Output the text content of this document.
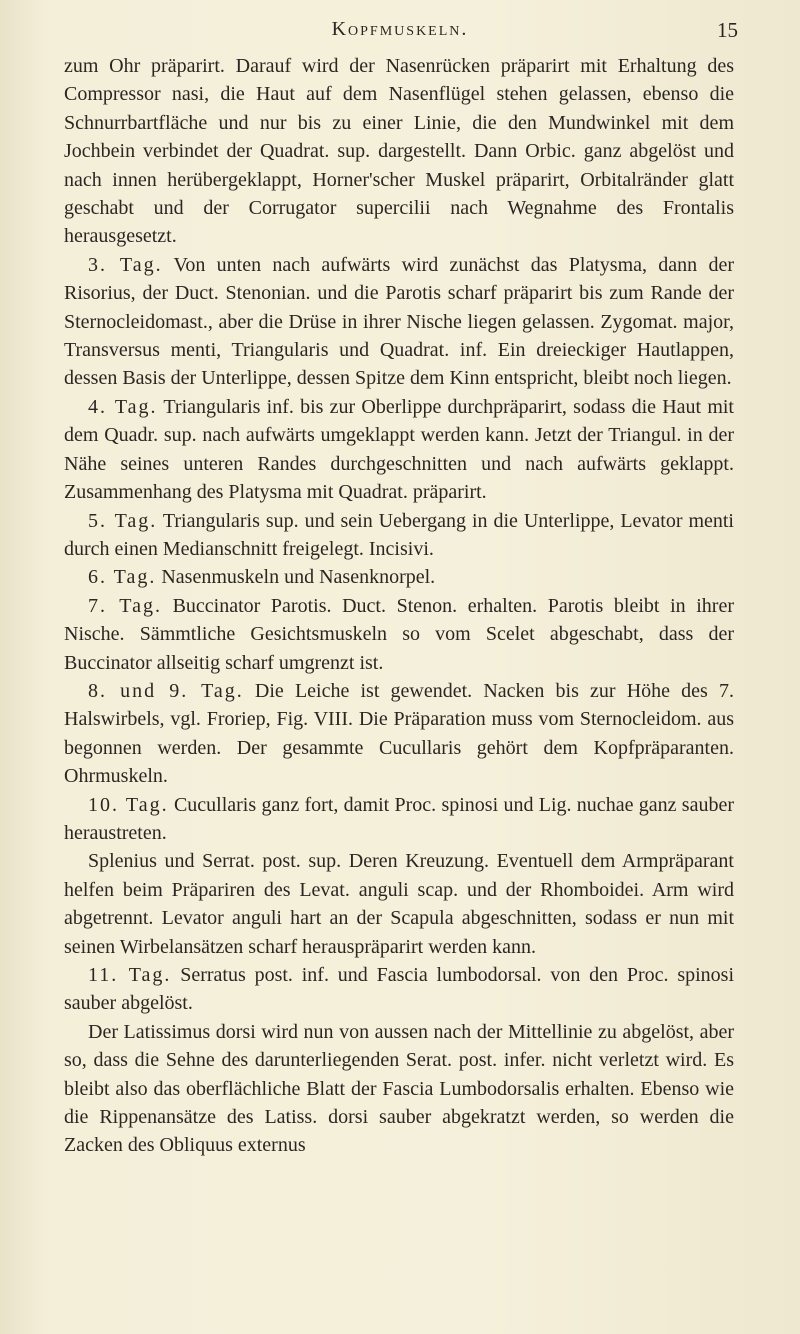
Kopfmuskeln.	15

zum Ohr präparirt. Darauf wird der Nasenrücken präparirt mit Erhaltung des Compressor nasi, die Haut auf dem Nasenflügel stehen gelassen, ebenso die Schnurrbartfläche und nur bis zu einer Linie, die den Mundwinkel mit dem Jochbein verbindet der Quadrat. sup. dargestellt. Dann Orbic. ganz abgelöst und nach innen herübergeklappt, Horner'scher Muskel präparirt, Orbitalränder glatt geschabt und der Corrugator supercilii nach Wegnahme des Frontalis herausgesetzt.

3. Tag. Von unten nach aufwärts wird zunächst das Platysma, dann der Risorius, der Duct. Stenonian. und die Parotis scharf präparirt bis zum Rande der Sternocleidomast., aber die Drüse in ihrer Nische liegen gelassen. Zygomat. major, Transversus menti, Triangularis und Quadrat. inf. Ein dreieckiger Hautlappen, dessen Basis der Unterlippe, dessen Spitze dem Kinn entspricht, bleibt noch liegen.

4. Tag. Triangularis inf. bis zur Oberlippe durchpräparirt, sodass die Haut mit dem Quadr. sup. nach aufwärts umgeklappt werden kann. Jetzt der Triangul. in der Nähe seines unteren Randes durchgeschnitten und nach aufwärts geklappt. Zusammenhang des Platysma mit Quadrat. präparirt.

5. Tag. Triangularis sup. und sein Uebergang in die Unterlippe, Levator menti durch einen Medianschnitt freigelegt. Incisivi.

6. Tag. Nasenmuskeln und Nasenknorpel.

7. Tag. Buccinator Parotis. Duct. Stenon. erhalten. Parotis bleibt in ihrer Nische. Sämmtliche Gesichtsmuskeln so vom Scelet abgeschabt, dass der Buccinator allseitig scharf umgrenzt ist.

8. und 9. Tag. Die Leiche ist gewendet. Nacken bis zur Höhe des 7. Halswirbels, vgl. Froriep, Fig. VIII. Die Präparation muss vom Sternocleidom. aus begonnen werden. Der gesammte Cucullaris gehört dem Kopfpräparanten. Ohrmuskeln.

10. Tag. Cucullaris ganz fort, damit Proc. spinosi und Lig. nuchae ganz sauber heraustreten.

Splenius und Serrat. post. sup. Deren Kreuzung. Eventuell dem Armpräparant helfen beim Präpariren des Levat. anguli scap. und der Rhomboidei. Arm wird abgetrennt. Levator anguli hart an der Scapula abgeschnitten, sodass er nun mit seinen Wirbelansätzen scharf herauspräparirt werden kann.

11. Tag. Serratus post. inf. und Fascia lumbodorsal. von den Proc. spinosi sauber abgelöst.

Der Latissimus dorsi wird nun von aussen nach der Mittellinie zu abgelöst, aber so, dass die Sehne des darunterliegenden Serat. post. infer. nicht verletzt wird. Es bleibt also das oberflächliche Blatt der Fascia Lumbodorsalis erhalten. Ebenso wie die Rippenansätze des Latiss. dorsi sauber abgekratzt werden, so werden die Zacken des Obliquus externus
